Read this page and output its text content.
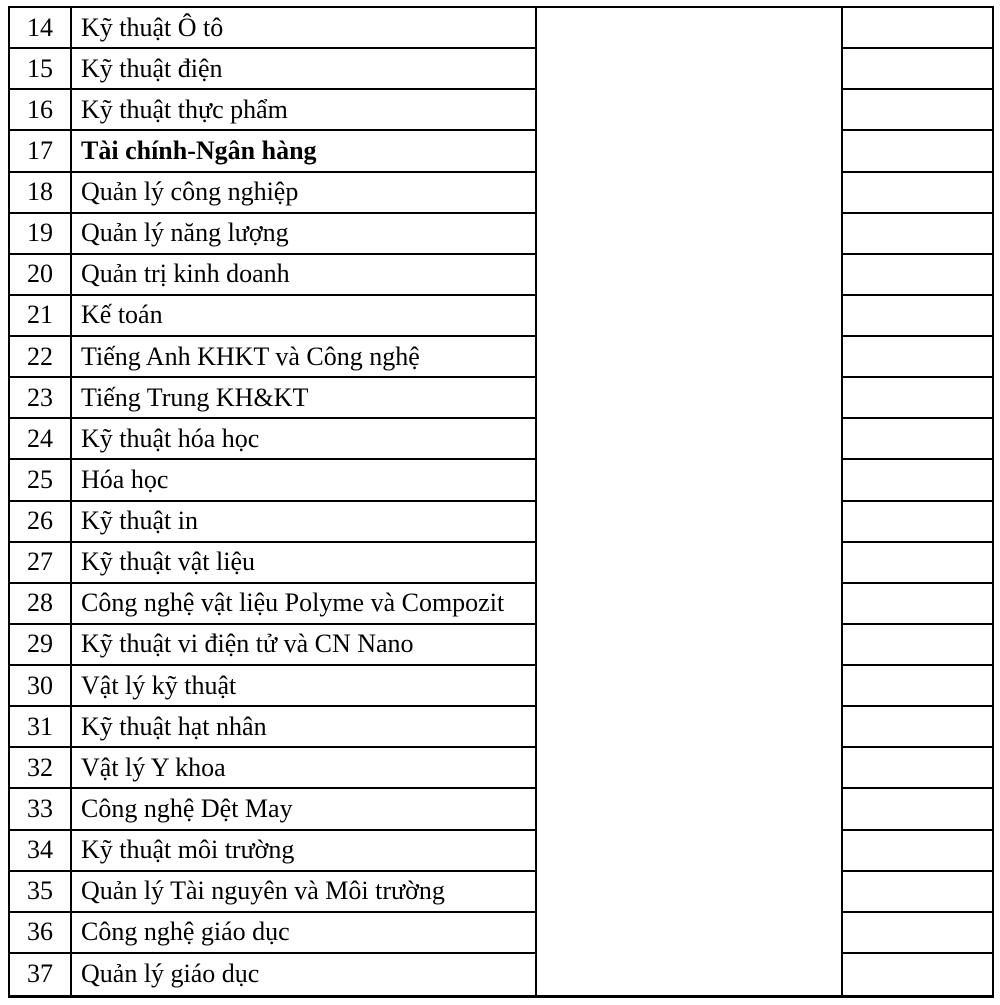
14	Kỹ thuật Ô tô
15	Kỹ thuật điện
16	Kỹ thuật thực phẩm
17	Tài chính-Ngân hàng
18	Quản lý công nghiệp
19	Quản lý năng lượng
20	Quản trị kinh doanh
21	Kế toán
22	Tiếng Anh KHKT và Công nghệ
23	Tiếng Trung KH&KT
24	Kỹ thuật hóa học
25	Hóa học
26	Kỹ thuật in
27	Kỹ thuật vật liệu
28	Công nghệ vật liệu Polyme và Compozit
29	Kỹ thuật vi điện tử và CN Nano
30	Vật lý kỹ thuật
31	Kỹ thuật hạt nhân
32	Vật lý Y khoa
33	Công nghệ Dệt May
34	Kỹ thuật môi trường
35	Quản lý Tài nguyên và Môi trường
36	Công nghệ giáo dục
37	Quản lý giáo dục
